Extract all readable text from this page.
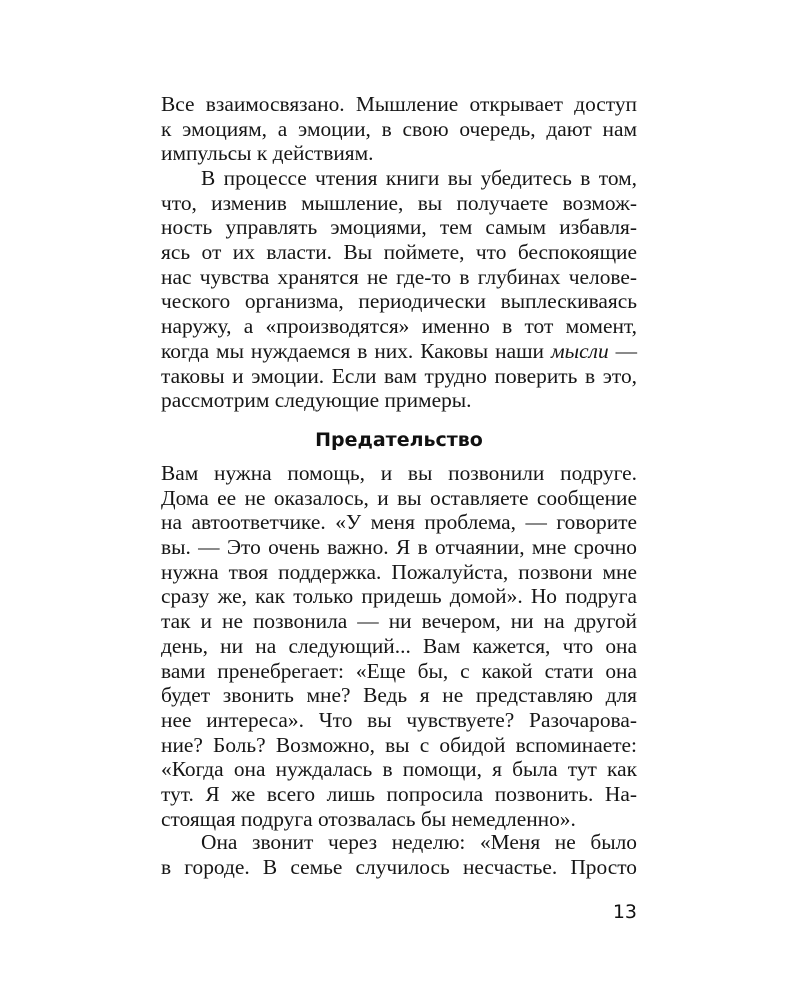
Все взаимосвязано. Мышление открывает доступ
к эмоциям, а эмоции, в свою очередь, дают нам
импульсы к действиям.
В процессе чтения книги вы убедитесь в том,
что, изменив мышление, вы получаете возмож-
ность управлять эмоциями, тем самым избавля-
ясь от их власти. Вы поймете, что беспокоящие
нас чувства хранятся не где-то в глубинах челове-
ческого организма, периодически выплескиваясь
наружу, а «производятся» именно в тот момент,
когда мы нуждаемся в них. Каковы наши мысли —
таковы и эмоции. Если вам трудно поверить в это,
рассмотрим следующие примеры.
Предательство
Вам нужна помощь, и вы позвонили подруге.
Дома ее не оказалось, и вы оставляете сообщение
на автоответчике. «У меня проблема, — говорите
вы. — Это очень важно. Я в отчаянии, мне срочно
нужна твоя поддержка. Пожалуйста, позвони мне
сразу же, как только придешь домой». Но подруга
так и не позвонила — ни вечером, ни на другой
день, ни на следующий... Вам кажется, что она
вами пренебрегает: «Еще бы, с какой стати она
будет звонить мне? Ведь я не представляю для
нее интереса». Что вы чувствуете? Разочарова-
ние? Боль? Возможно, вы с обидой вспоминаете:
«Когда она нуждалась в помощи, я была тут как
тут. Я же всего лишь попросила позвонить. На-
стоящая подруга отозвалась бы немедленно».
Она звонит через неделю: «Меня не было
в городе. В семье случилось несчастье. Просто
13
